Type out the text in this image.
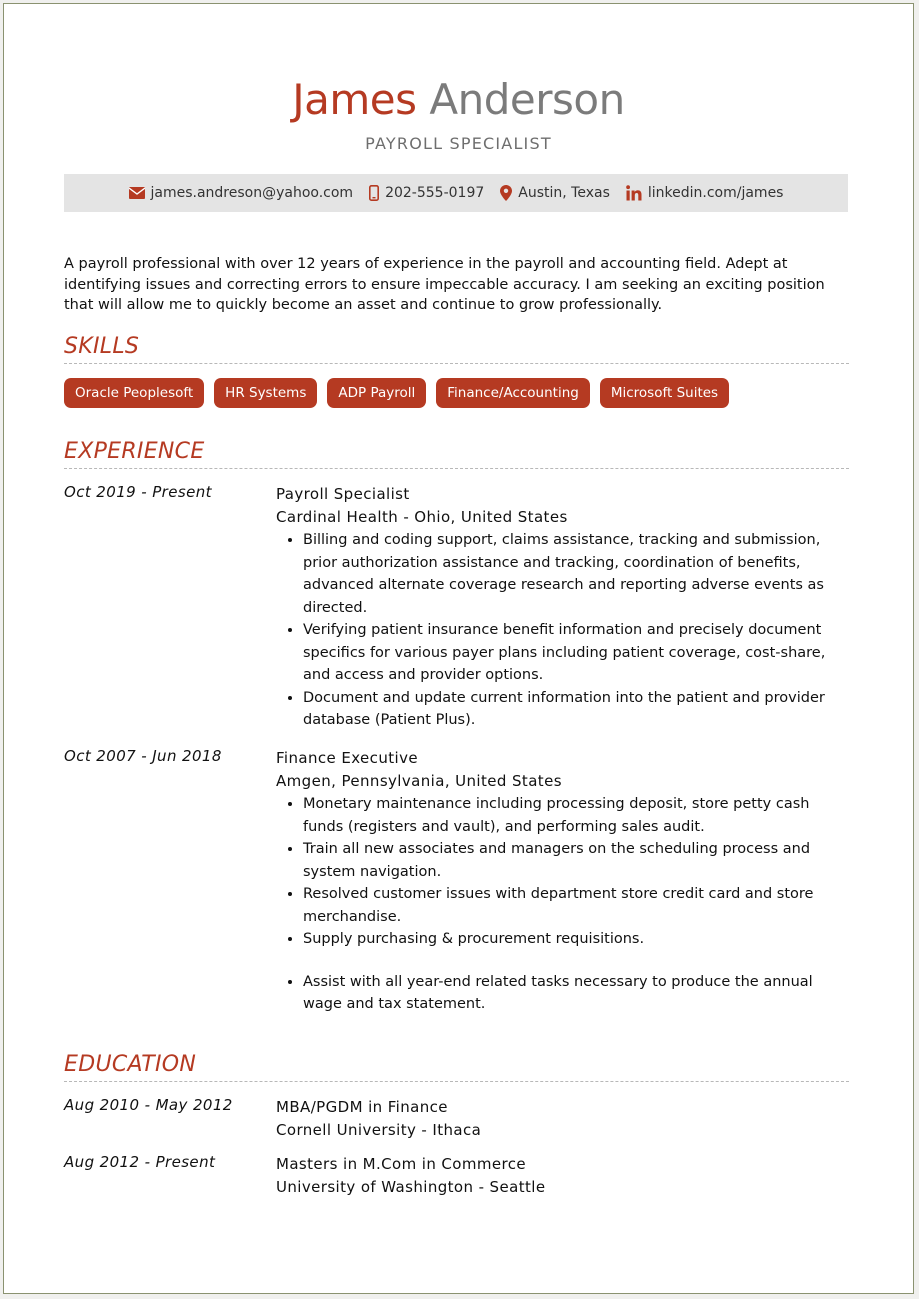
James Anderson
PAYROLL SPECIALIST
james.andreson@yahoo.com 202-555-0197 Austin, Texas	linkedin.com/james
A payroll professional with over 12 years of experience in the payroll and accounting field. Adept at identifying issues and correcting errors to ensure impeccable accuracy. I am seeking an exciting position that will allow me to quickly become an asset and continue to grow professionally.
SKILLS
Oracle Peoplesoft	HR Systems	ADP Payroll	Finance/Accounting	Microsoft Suites
EXPERIENCE
Oct 2019 - Present	Payroll Specialist
Cardinal Health - Ohio, United States
• Billing and coding support, claims assistance, tracking and submission, prior authorization assistance and tracking, coordination of benefits, advanced alternate coverage research and reporting adverse events as directed.
• Verifying patient insurance benefit information and precisely document specifics for various payer plans including patient coverage, cost-share, and access and provider options.
• Document and update current information into the patient and provider database (Patient Plus).
Oct 2007 - Jun 2018	Finance Executive
Amgen, Pennsylvania, United States
• Monetary maintenance including processing deposit, store petty cash funds (registers and vault), and performing sales audit.
• Train all new associates and managers on the scheduling process and system navigation.
• Resolved customer issues with department store credit card and store merchandise.
• Supply purchasing & procurement requisitions.
• Assist with all year-end related tasks necessary to produce the annual wage and tax statement.
EDUCATION
Aug 2010 - May 2012	MBA/PGDM in Finance
Cornell University - Ithaca
Aug 2012 - Present	Masters in M.Com in Commerce
University of Washington - Seattle
